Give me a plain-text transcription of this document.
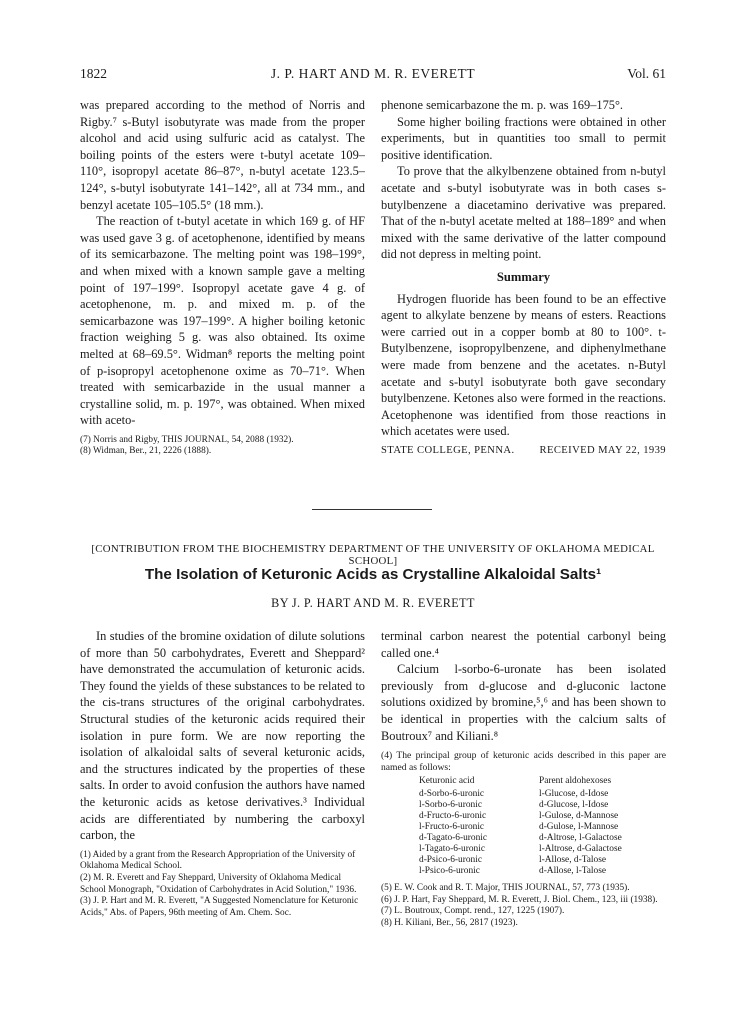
1822	J. P. HART AND M. R. EVERETT	Vol. 61

was prepared according to the method of Norris and Rigby.⁷ s-Butyl isobutyrate was made from the proper alcohol and acid using sulfuric acid as catalyst. The boiling points of the esters were t-butyl acetate 109–110°, isopropyl acetate 86–87°, n-butyl acetate 123.5–124°, s-butyl isobutyrate 141–142°, all at 734 mm., and benzyl acetate 105–105.5° (18 mm.).

The reaction of t-butyl acetate in which 169 g. of HF was used gave 3 g. of acetophenone, identified by means of its semicarbazone. The melting point was 198–199°, and when mixed with a known sample gave a melting point of 197–199°. Isopropyl acetate gave 4 g. of acetophenone, m. p. and mixed m. p. of the semicarbazone was 197–199°. A higher boiling ketonic fraction weighing 5 g. was also obtained. Its oxime melted at 68–69.5°. Widman⁸ reports the melting point of p-isopropyl acetophenone oxime as 70–71°. When treated with semicarbazide in the usual manner a crystalline solid, m. p. 197°, was obtained. When mixed with aceto-

(7) Norris and Rigby, THIS JOURNAL, 54, 2088 (1932).
(8) Widman, Ber., 21, 2226 (1888).

phenone semicarbazone the m. p. was 169–175°.

Some higher boiling fractions were obtained in other experiments, but in quantities too small to permit positive identification.

To prove that the alkylbenzene obtained from n-butyl acetate and s-butyl isobutyrate was in both cases s-butylbenzene a diacetamino derivative was prepared. That of the n-butyl acetate melted at 188–189° and when mixed with the same derivative of the latter compound did not depress in melting point.

Summary

Hydrogen fluoride has been found to be an effective agent to alkylate benzene by means of esters. Reactions were carried out in a copper bomb at 80 to 100°. t-Butylbenzene, isopropylbenzene, and diphenylmethane were made from benzene and the acetates. n-Butyl acetate and s-butyl isobutyrate both gave secondary butylbenzene. Ketones also were formed in the reactions. Acetophenone was identified from those reactions in which acetates were used.

STATE COLLEGE, PENNA. RECEIVED MAY 22, 1939
[CONTRIBUTION FROM THE BIOCHEMISTRY DEPARTMENT OF THE UNIVERSITY OF OKLAHOMA MEDICAL SCHOOL]
The Isolation of Keturonic Acids as Crystalline Alkaloidal Salts¹
BY J. P. HART AND M. R. EVERETT

In studies of the bromine oxidation of dilute solutions of more than 50 carbohydrates, Everett and Sheppard² have demonstrated the accumulation of keturonic acids. They found the yields of these substances to be related to the cis-trans structures of the original carbohydrates. Structural studies of the keturonic acids required their isolation in pure form. We are now reporting the isolation of alkaloidal salts of several keturonic acids, and the structures indicated by the properties of these salts. In order to avoid confusion the authors have named the keturonic acids as ketose derivatives.³ Individual acids are differentiated by numbering the carboxyl carbon, the

(1) Aided by a grant from the Research Appropriation of the University of Oklahoma Medical School.
(2) M. R. Everett and Fay Sheppard, University of Oklahoma Medical School Monograph, "Oxidation of Carbohydrates in Acid Solution," 1936.
(3) J. P. Hart and M. R. Everett, "A Suggested Nomenclature for Keturonic Acids," Abs. of Papers, 96th meeting of Am. Chem. Soc.

terminal carbon nearest the potential carbonyl being called one.⁴

Calcium l-sorbo-6-uronate has been isolated previously from d-glucose and d-gluconic lactone solutions oxidized by bromine,⁵,⁶ and has been shown to be identical in properties with the calcium salts of Boutroux⁷ and Kiliani.⁸

(4) The principal group of keturonic acids described in this paper are named as follows:
Keturonic acid	Parent aldohexoses
d-Sorbo-6-uronic	l-Glucose, d-Idose
l-Sorbo-6-uronic	d-Glucose, l-Idose
d-Fructo-6-uronic	l-Gulose, d-Mannose
l-Fructo-6-uronic	d-Gulose, l-Mannose
d-Tagato-6-uronic	d-Altrose, l-Galactose
l-Tagato-6-uronic	l-Altrose, d-Galactose
d-Psico-6-uronic	l-Allose, d-Talose
l-Psico-6-uronic	d-Allose, l-Talose
(5) E. W. Cook and R. T. Major, THIS JOURNAL, 57, 773 (1935).
(6) J. P. Hart, Fay Sheppard, M. R. Everett, J. Biol. Chem., 123, iii (1938).
(7) L. Boutroux, Compt. rend., 127, 1225 (1907).
(8) H. Kiliani, Ber., 56, 2817 (1923).
